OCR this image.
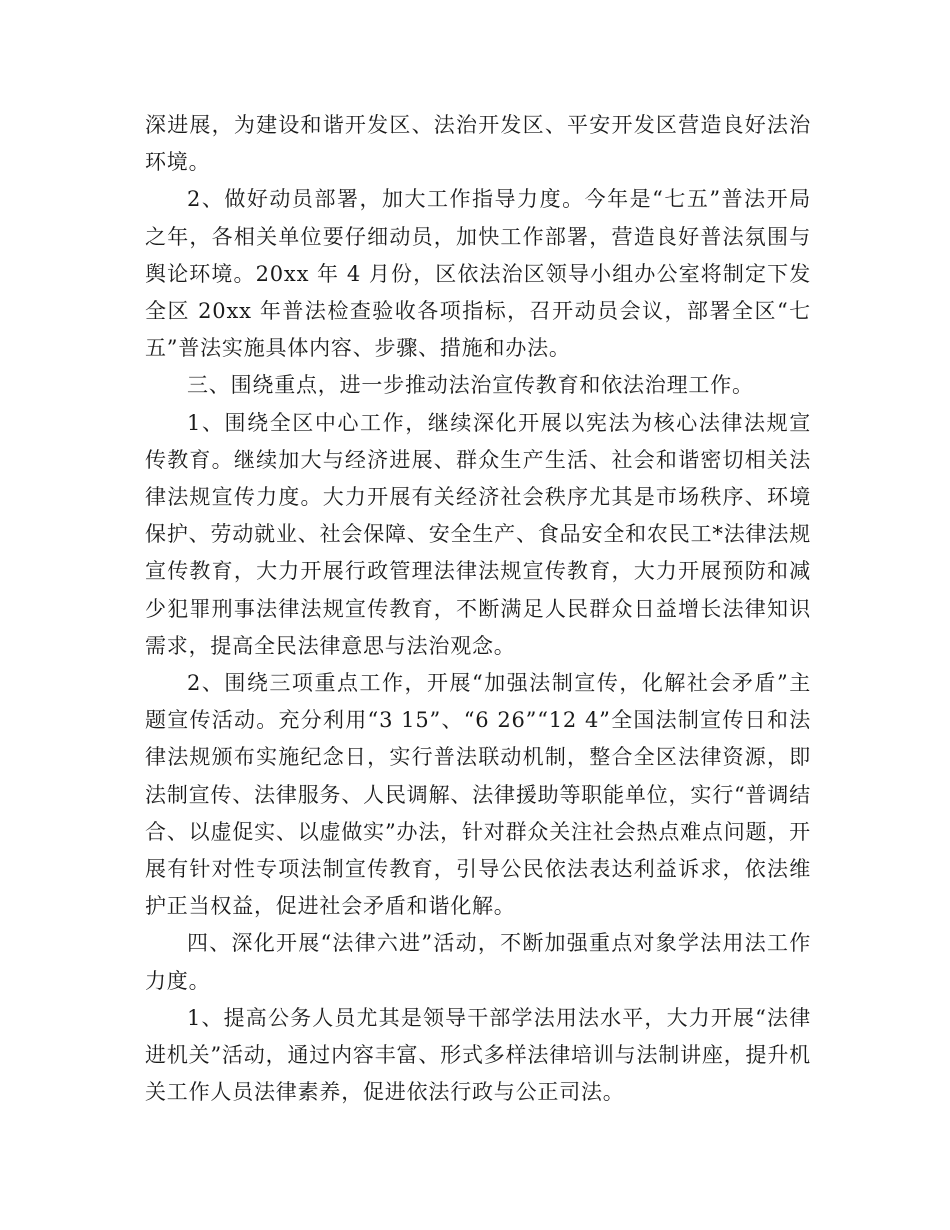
深进展，为建设和谐开发区、法治开发区、平安开发区营造良好法治环境。

2、做好动员部署，加大工作指导力度。今年是“七五”普法开局之年，各相关单位要仔细动员，加快工作部署，营造良好普法氛围与舆论环境。20xx 年 4 月份，区依法治区领导小组办公室将制定下发全区 20xx 年普法检查验收各项指标，召开动员会议，部署全区“七五”普法实施具体内容、步骤、措施和办法。

三、围绕重点，进一步推动法治宣传教育和依法治理工作。

1、围绕全区中心工作，继续深化开展以宪法为核心法律法规宣传教育。继续加大与经济进展、群众生产生活、社会和谐密切相关法律法规宣传力度。大力开展有关经济社会秩序尤其是市场秩序、环境保护、劳动就业、社会保障、安全生产、食品安全和农民工*法律法规宣传教育，大力开展行政管理法律法规宣传教育，大力开展预防和减少犯罪刑事法律法规宣传教育，不断满足人民群众日益增长法律知识需求，提高全民法律意思与法治观念。

2、围绕三项重点工作，开展“加强法制宣传，化解社会矛盾”主题宣传活动。充分利用“3 15”、“6 26”“12 4”全国法制宣传日和法律法规颁布实施纪念日，实行普法联动机制，整合全区法律资源，即法制宣传、法律服务、人民调解、法律援助等职能单位，实行“普调结合、以虚促实、以虚做实”办法，针对群众关注社会热点难点问题，开展有针对性专项法制宣传教育，引导公民依法表达利益诉求，依法维护正当权益，促进社会矛盾和谐化解。

四、深化开展“法律六进”活动，不断加强重点对象学法用法工作力度。

1、提高公务人员尤其是领导干部学法用法水平，大力开展“法律进机关”活动，通过内容丰富、形式多样法律培训与法制讲座，提升机关工作人员法律素养，促进依法行政与公正司法。
